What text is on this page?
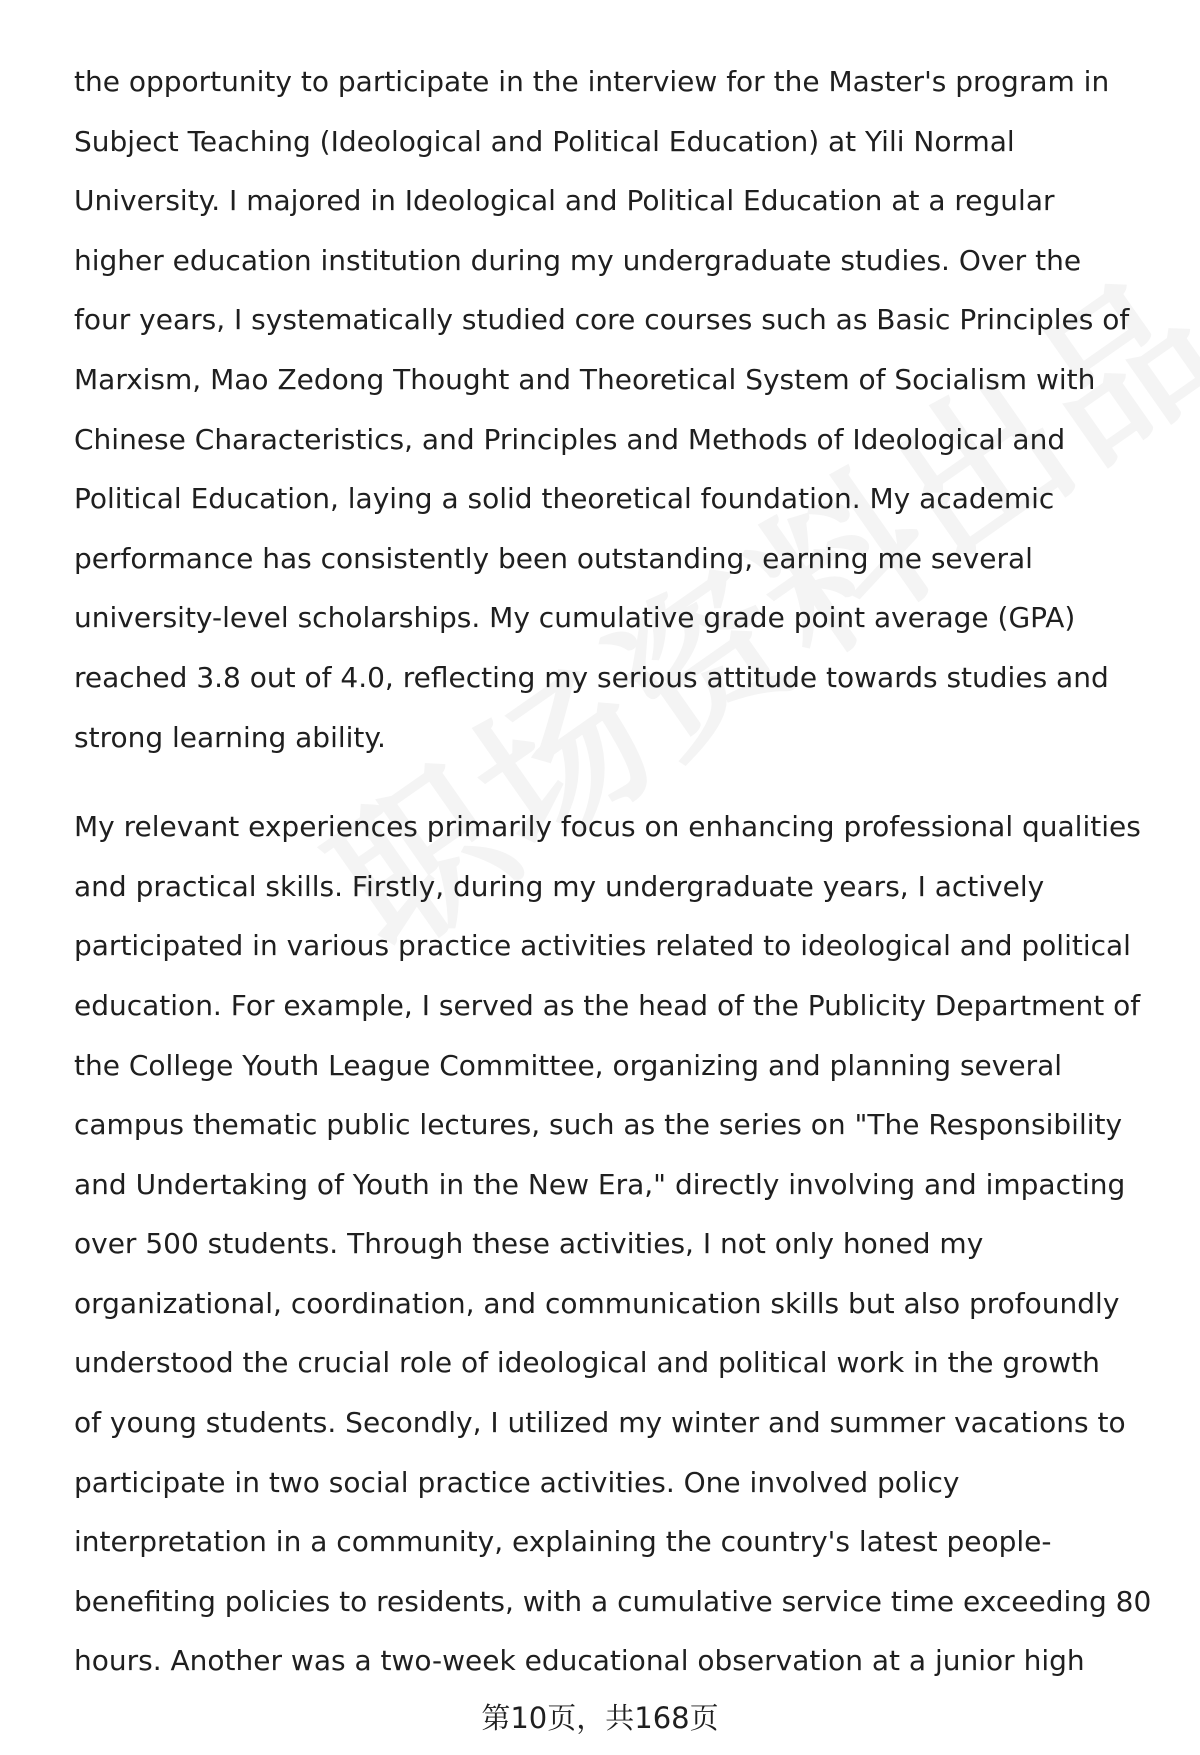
the opportunity to participate in the interview for the Master's program in
Subject Teaching (Ideological and Political Education) at Yili Normal
University. I majored in Ideological and Political Education at a regular
higher education institution during my undergraduate studies. Over the
four years, I systematically studied core courses such as Basic Principles of
Marxism, Mao Zedong Thought and Theoretical System of Socialism with
Chinese Characteristics, and Principles and Methods of Ideological and
Political Education, laying a solid theoretical foundation. My academic
performance has consistently been outstanding, earning me several
university-level scholarships. My cumulative grade point average (GPA)
reached 3.8 out of 4.0, reflecting my serious attitude towards studies and
strong learning ability.

My relevant experiences primarily focus on enhancing professional qualities
and practical skills. Firstly, during my undergraduate years, I actively
participated in various practice activities related to ideological and political
education. For example, I served as the head of the Publicity Department of
the College Youth League Committee, organizing and planning several
campus thematic public lectures, such as the series on "The Responsibility
and Undertaking of Youth in the New Era," directly involving and impacting
over 500 students. Through these activities, I not only honed my
organizational, coordination, and communication skills but also profoundly
understood the crucial role of ideological and political work in the growth
of young students. Secondly, I utilized my winter and summer vacations to
participate in two social practice activities. One involved policy
interpretation in a community, explaining the country's latest people-
benefiting policies to residents, with a cumulative service time exceeding 80
hours. Another was a two-week educational observation at a junior high

第10页，共168页
